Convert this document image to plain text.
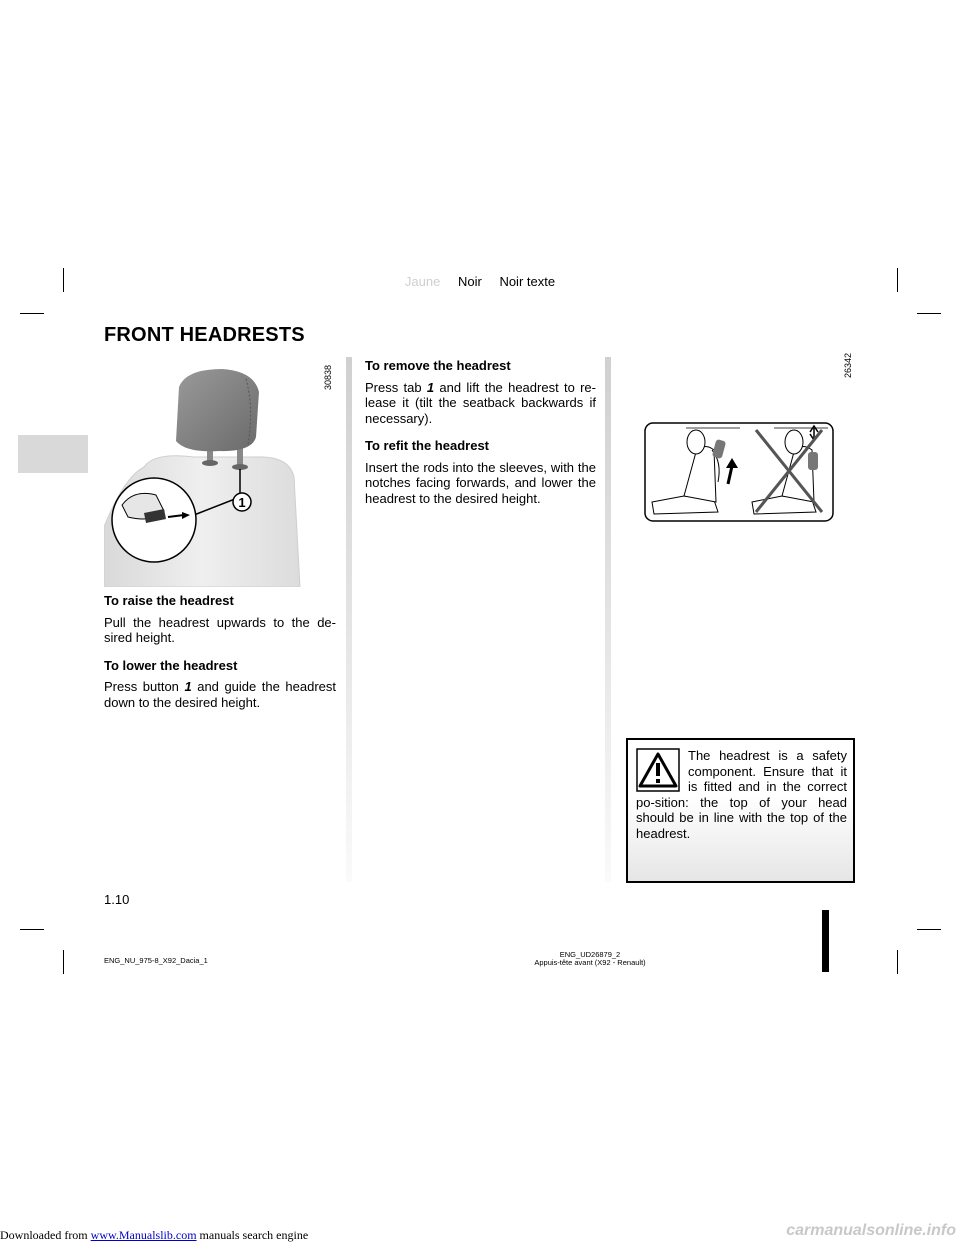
Jaune Noir Noir texte
FRONT HEADRESTS
1
30838
To raise the headrest

Pull the headrest upwards to the de-sired height.

To lower the headrest

Press button 1 and guide the headrest down to the desired height.

To remove the headrest

Press tab 1 and lift the headrest to re-lease it (tilt the seatback backwards if necessary).

To refit the headrest

Insert the rods into the sleeves, with the notches facing forwards, and lower the headrest to the desired height.

26342
The headrest is a safety component. Ensure that it is fitted and in the correct po-sition: the top of your head should be in line with the top of the headrest.
1.10
ENG_NU_975-8_X92_Dacia_1
ENG_UD26879_2
Appuis-tête avant (X92 - Renault)
Downloaded from www.Manualslib.com manuals search engine	carmanualsonline.info
